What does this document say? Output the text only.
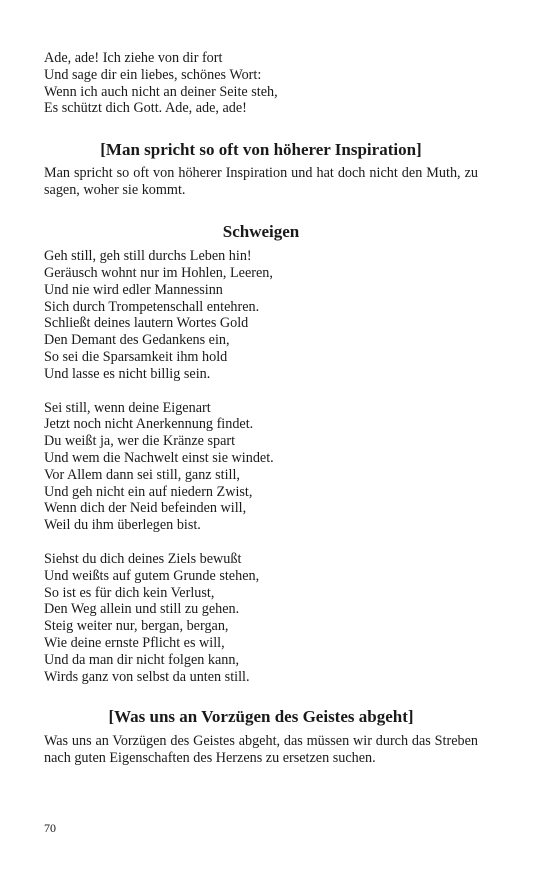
Ade, ade! Ich ziehe von dir fort
Und sage dir ein liebes, schönes Wort:
Wenn ich auch nicht an deiner Seite steh,
Es schützt dich Gott. Ade, ade, ade!
[Man spricht so oft von höherer Inspiration]

Man spricht so oft von höherer Inspiration und hat doch nicht den Muth, zu sagen, woher sie kommt.

Schweigen
Geh still, geh still durchs Leben hin!
Geräusch wohnt nur im Hohlen, Leeren,
Und nie wird edler Mannessinn
Sich durch Trompetenschall entehren.
Schließt deines lautern Wortes Gold
Den Demant des Gedankens ein,
So sei die Sparsamkeit ihm hold
Und lasse es nicht billig sein.
Sei still, wenn deine Eigenart
Jetzt noch nicht Anerkennung findet.
Du weißt ja, wer die Kränze spart
Und wem die Nachwelt einst sie windet.
Vor Allem dann sei still, ganz still,
Und geh nicht ein auf niedern Zwist,
Wenn dich der Neid befeinden will,
Weil du ihm überlegen bist.
Siehst du dich deines Ziels bewußt
Und weißts auf gutem Grunde stehen,
So ist es für dich kein Verlust,
Den Weg allein und still zu gehen.
Steig weiter nur, bergan, bergan,
Wie deine ernste Pflicht es will,
Und da man dir nicht folgen kann,
Wirds ganz von selbst da unten still.
[Was uns an Vorzügen des Geistes abgeht]

Was uns an Vorzügen des Geistes abgeht, das müssen wir durch das Streben nach guten Eigenschaften des Herzens zu ersetzen suchen.

70
